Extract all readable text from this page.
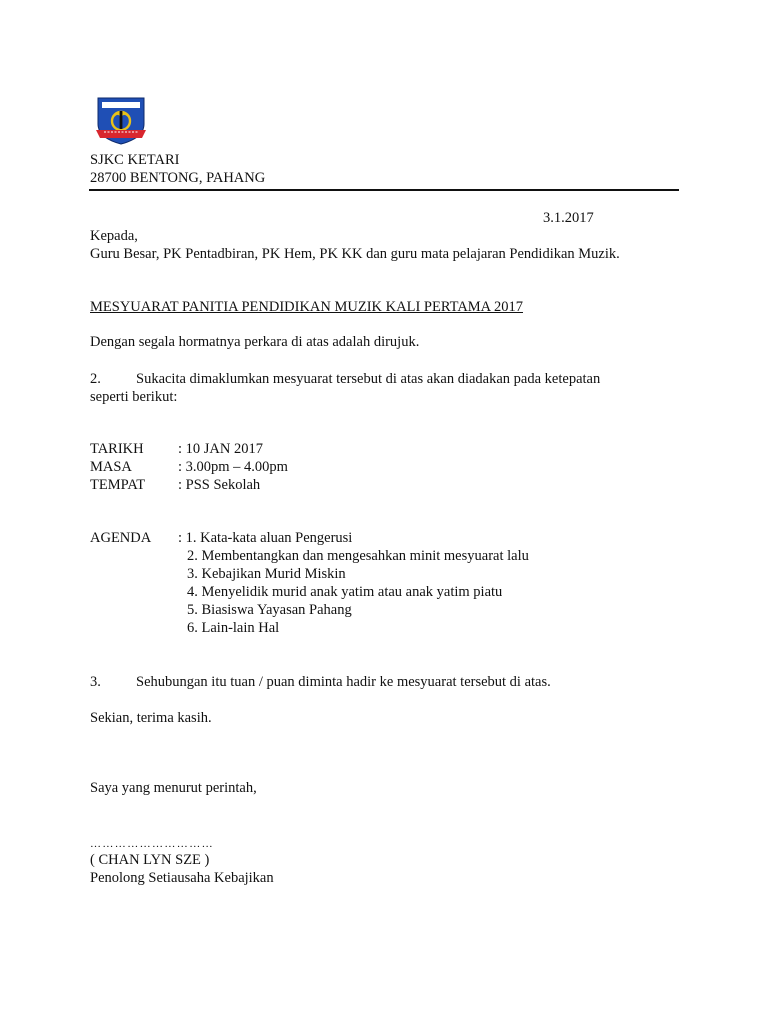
SJKC KETARI
28700 BENTONG, PAHANG
3.1.2017
Kepada,
Guru Besar, PK Pentadbiran, PK Hem, PK KK dan guru mata pelajaran Pendidikan Muzik.
MESYUARAT PANITIA PENDIDIKAN MUZIK KALI PERTAMA 2017
Dengan segala hormatnya perkara di atas adalah dirujuk.
2. Sukacita dimaklumkan mesyuarat tersebut di atas akan diadakan pada ketepatan
seperti berikut:
TARIKH : 10 JAN 2017
MASA	: 3.00pm – 4.00pm
TEMPAT : PSS Sekolah
AGENDA : 1. Kata-kata aluan Pengerusi
2. Membentangkan dan mengesahkan minit mesyuarat lalu
3. Kebajikan Murid Miskin
4. Menyelidik murid anak yatim atau anak yatim piatu
5. Biasiswa Yayasan Pahang
6. Lain-lain Hal
3. Sehubungan itu tuan / puan diminta hadir ke mesyuarat tersebut di atas.
Sekian, terima kasih.
Saya yang menurut perintah,
…………………………
( CHAN LYN SZE )
Penolong Setiausaha Kebajikan
